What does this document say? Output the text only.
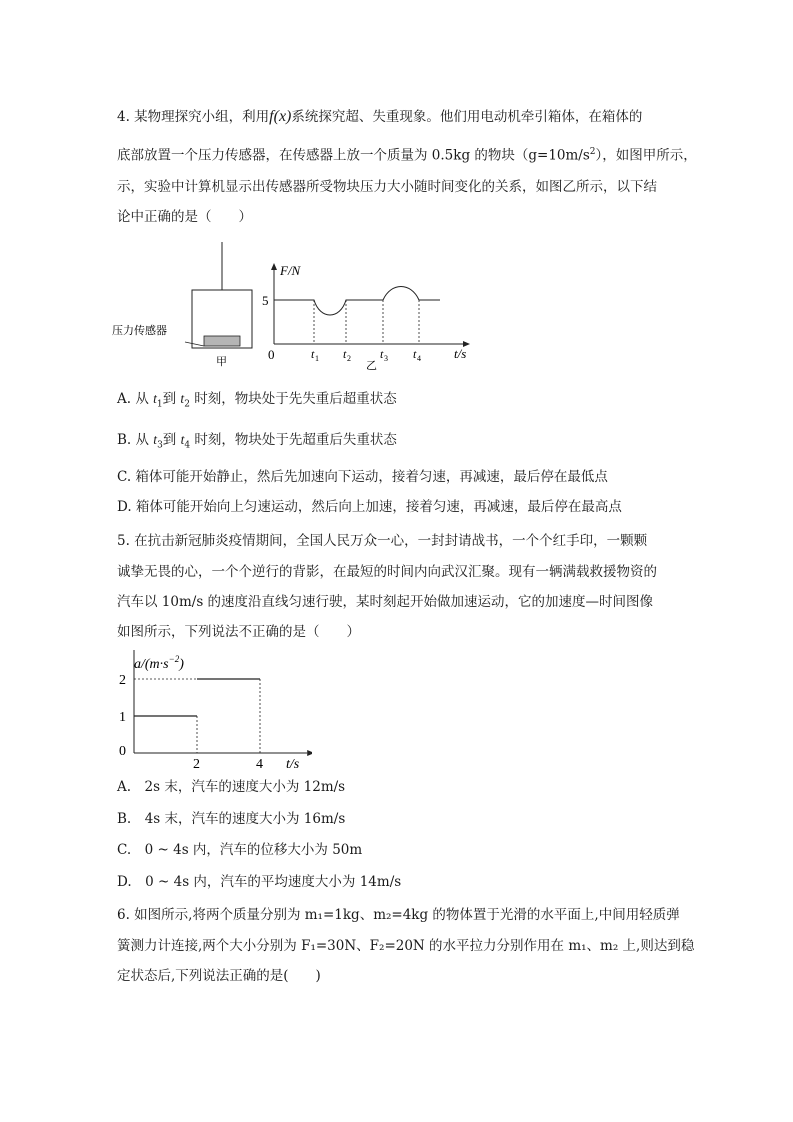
4. 某物理探究小组，利用f(x)系统探究超、失重现象。他们用电动机牵引箱体，在箱体的
底部放置一个压力传感器，在传感器上放一个质量为 0.5kg 的物块$(g=10m/s^2)$，如图甲所示，
示，实验中计算机显示出传感器所受物块压力大小随时间变化的关系，如图乙所示，以下结
论中正确的是（　　）
压力传感器
甲
F/N
5
0	t 1 t 2 t 3 t 4	t/s
乙
A. 从 $t_1$到 $t_2$ 时刻，物块处于先失重后超重状态
B. 从 $t_3$到 $t_4$ 时刻，物块处于先超重后失重状态
C. 箱体可能开始静止，然后先加速向下运动，接着匀速，再减速，最后停在最低点
D. 箱体可能开始向上匀速运动，然后向上加速，接着匀速，再减速，最后停在最高点
5. 在抗击新冠肺炎疫情期间，全国人民万众一心，一封封请战书，一个个红手印，一颗颗
诚挚无畏的心，一个个逆行的背影，在最短的时间内向武汉汇聚。现有一辆满载救援物资的
汽车以 10m/s 的速度沿直线匀速行驶，某时刻起开始做加速运动，它的加速度—时间图像
如图所示，下列说法不正确的是（　　）
2	4
0
1
2
$a/(m\cdot s^{-2})$
t/s
A.　2s 末，汽车的速度大小为 12m/s
B.　4s 末，汽车的速度大小为 16m/s
C.　0 ~ 4s 内，汽车的位移大小为 50m
D.　0 ~ 4s 内，汽车的平均速度大小为 14m/s
6. 如图所示,将两个质量分别为 m₁=1kg、m₂=4kg 的物体置于光滑的水平面上,中间用轻质弹
簧测力计连接,两个大小分别为 F₁=30N、F₂=20N 的水平拉力分别作用在 m₁、m₂ 上,则达到稳
定状态后,下列说法正确的是(　　)
